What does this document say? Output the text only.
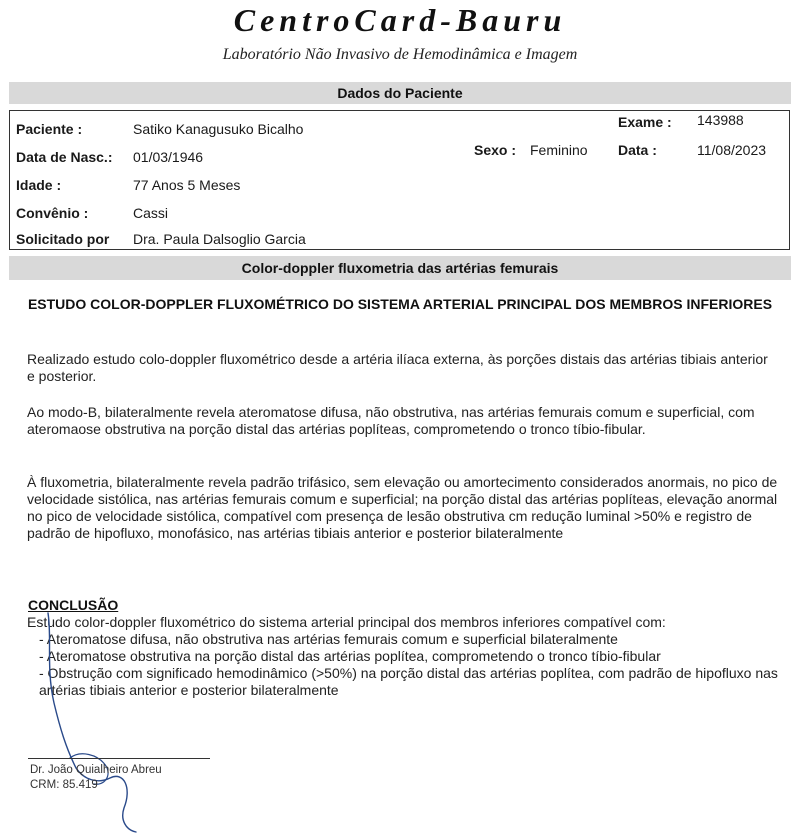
CentroCard-Bauru
Laboratório Não Invasivo de Hemodinâmica e Imagem
Dados do Paciente
Paciente :	Satiko Kanagusuko Bicalho
Data de Nasc.: 01/03/1946
Idade :	77 Anos 5 Meses
Convênio :	Cassi
Solicitado por Dra. Paula Dalsoglio Garcia
Sexo : Feminino
Exame : 143988
Data :	11/08/2023
Color-doppler fluxometria das artérias femurais
ESTUDO COLOR-DOPPLER FLUXOMÉTRICO DO SISTEMA ARTERIAL PRINCIPAL DOS MEMBROS INFERIORES
Realizado estudo colo-doppler fluxométrico desde a artéria ilíaca externa, às porções distais das artérias tibiais anterior e posterior.
Ao modo-B, bilateralmente revela ateromatose difusa, não obstrutiva, nas artérias femurais comum e superficial, com ateromaose obstrutiva na porção distal das artérias poplíteas, comprometendo o tronco tíbio-fibular.
À fluxometria, bilateralmente revela padrão trifásico, sem elevação ou amortecimento considerados anormais, no pico de velocidade sistólica, nas artérias femurais comum e superficial; na porção distal das artérias poplíteas, elevação anormal no pico de velocidade sistólica, compatível com presença de lesão obstrutiva cm redução luminal >50% e registro de padrão de hipofluxo, monofásico, nas artérias tibiais anterior e posterior bilateralmente
CONCLUSÃO
Estudo color-doppler fluxométrico do sistema arterial principal dos membros inferiores compatível com:
- Ateromatose difusa, não obstrutiva nas artérias femurais comum e superficial bilateralmente
- Ateromatose obstrutiva na porção distal das artérias poplítea, comprometendo o tronco tíbio-fibular
- Obstrução com significado hemodinâmico (>50%) na porção distal das artérias poplítea, com padrão de hipofluxo nas artérias tibiais anterior e posterior bilateralmente
Dr. João Quialheiro Abreu
CRM: 85.419
